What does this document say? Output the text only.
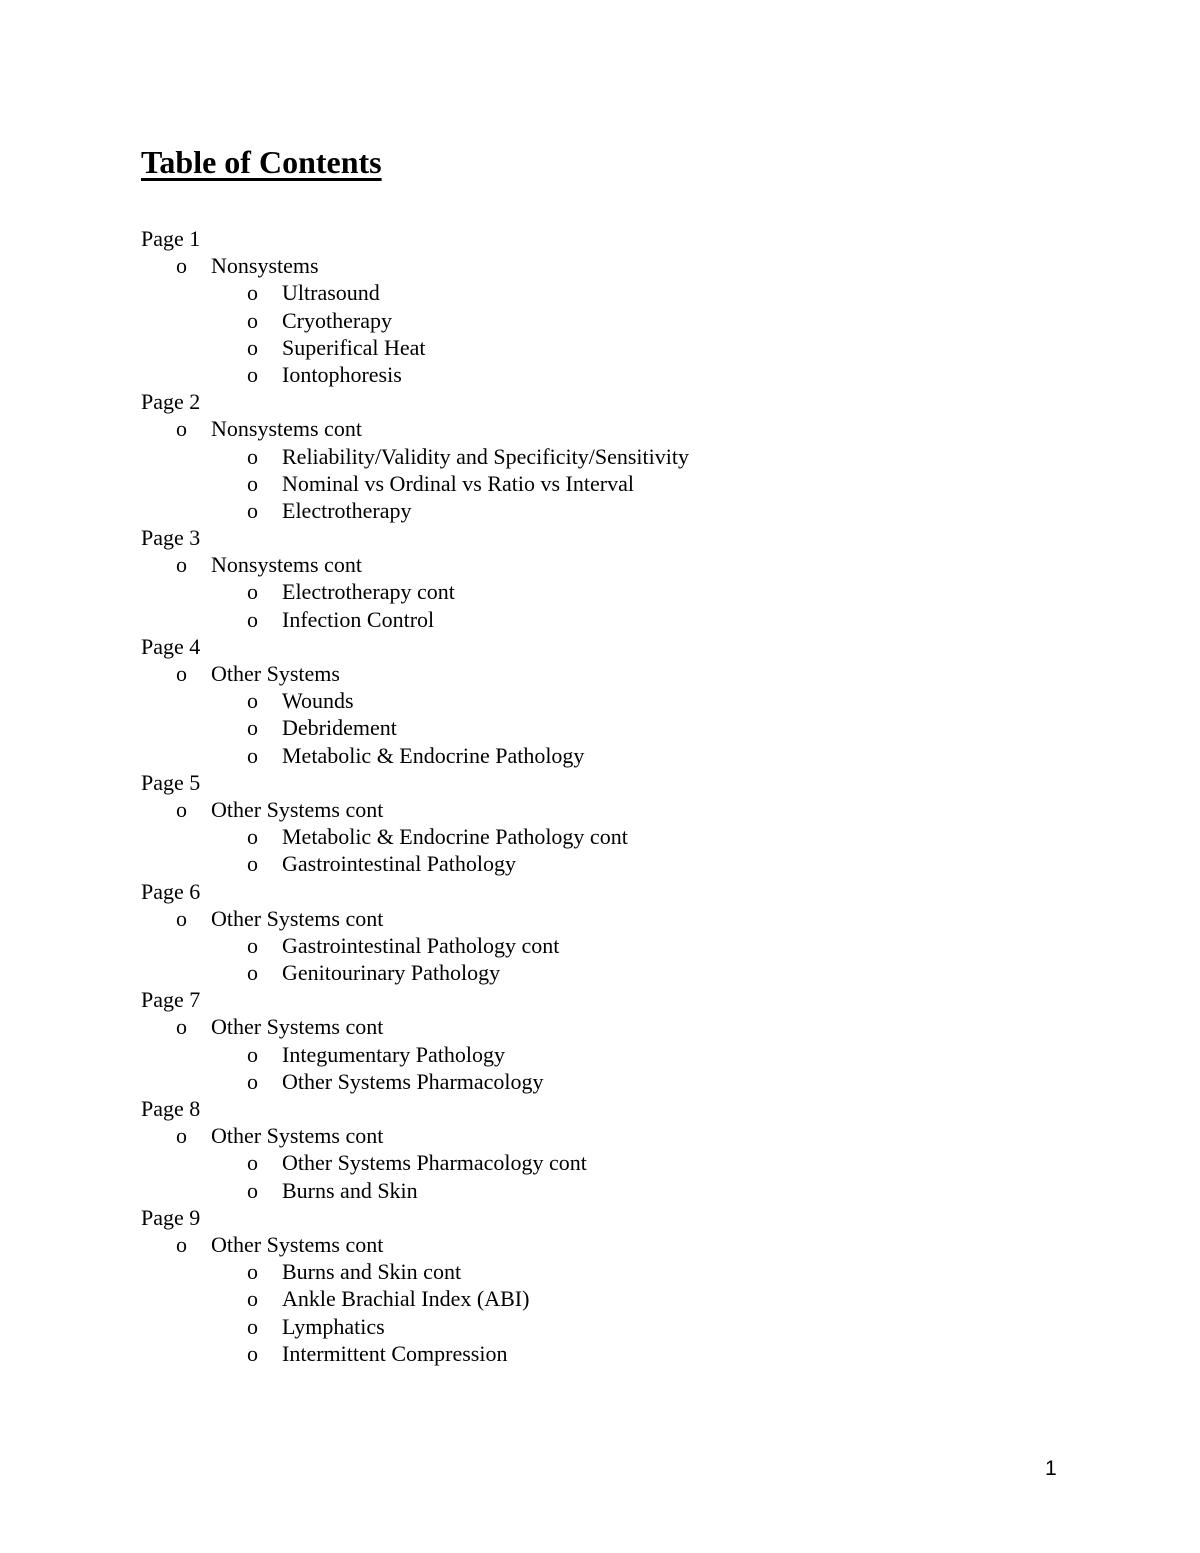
Table of Contents
Page 1
o Nonsystems
o Ultrasound
o Cryotherapy
o Superifical Heat
o Iontophoresis
Page 2
o Nonsystems cont
o Reliability/Validity and Specificity/Sensitivity
o Nominal vs Ordinal vs Ratio vs Interval
o Electrotherapy
Page 3
o Nonsystems cont
o Electrotherapy cont
o Infection Control
Page 4
o Other Systems
o Wounds
o Debridement
o Metabolic & Endocrine Pathology
Page 5
o Other Systems cont
o Metabolic & Endocrine Pathology cont
o Gastrointestinal Pathology
Page 6
o Other Systems cont
o Gastrointestinal Pathology cont
o Genitourinary Pathology
Page 7
o Other Systems cont
o Integumentary Pathology
o Other Systems Pharmacology
Page 8
o Other Systems cont
o Other Systems Pharmacology cont
o Burns and Skin
Page 9
o Other Systems cont
o Burns and Skin cont
o Ankle Brachial Index (ABI)
o Lymphatics
o Intermittent Compression
1
